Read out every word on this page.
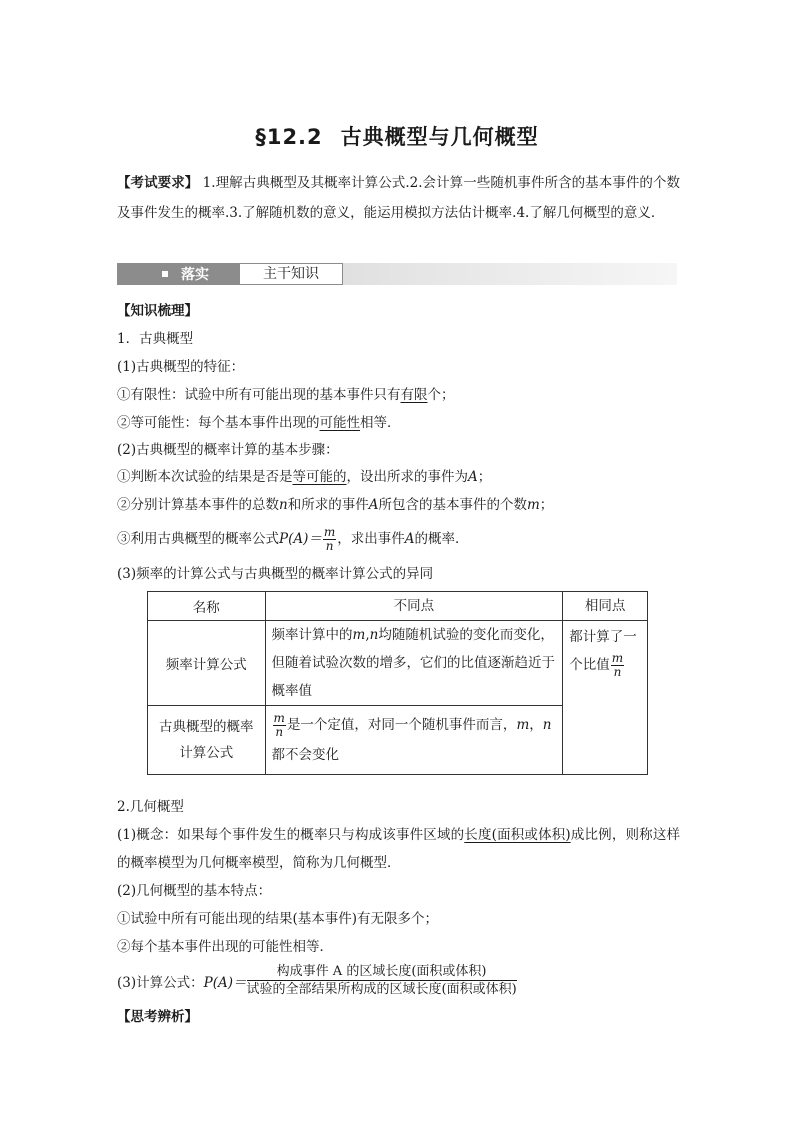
§12.2 古典概型与几何概型
【考试要求】 1.理解古典概型及其概率计算公式.2.会计算一些随机事件所含的基本事件的个数及事件发生的概率.3.了解随机数的意义，能运用模拟方法估计概率.4.了解几何概型的意义．
落实	主干知识
【知识梳理】
1．古典概型
(1)古典概型的特征：
①有限性：试验中所有可能出现的基本事件只有有限个；
②等可能性：每个基本事件出现的可能性相等．
(2)古典概型的概率计算的基本步骤：
①判断本次试验的结果是否是等可能的，设出所求的事件为A；
②分别计算基本事件的总数n和所求的事件A所包含的基本事件的个数m；
③利用古典概型的概率公式$P(A)= \frac{m}{n}$ ，求出事件A的概率．
(3)频率的计算公式与古典概型的概率计算公式的异同
名称	不同点	相同点
频率计算公式	频率计算中的m,n均随随机试验的变化而变化，但随着试验次数的增多，它们的比值逐渐趋近于概率值	都计算了一个比值 $\frac{m}{n}$

古典概型的概率计算公式	$\frac{m}{n}$ 是一个定值，对同一个随机事件而言，m，n都不会变化	
2.几何概型
(1)概念：如果每个事件发生的概率只与构成该事件区域的长度(面积或体积)成比例，则称这样的概率模型为几何概率模型，简称为几何概型．
(2)几何概型的基本特点：
①试验中所有可能出现的结果(基本事件)有无限多个；
②每个基本事件出现的可能性相等．
(3)计算公式： $P(A)= \frac{\text{构成事件 A 的区域长度(面积或体积)}}{\text{试验的全部结果所构成的区域长度(面积或体积)}}$
【思考辨析】
